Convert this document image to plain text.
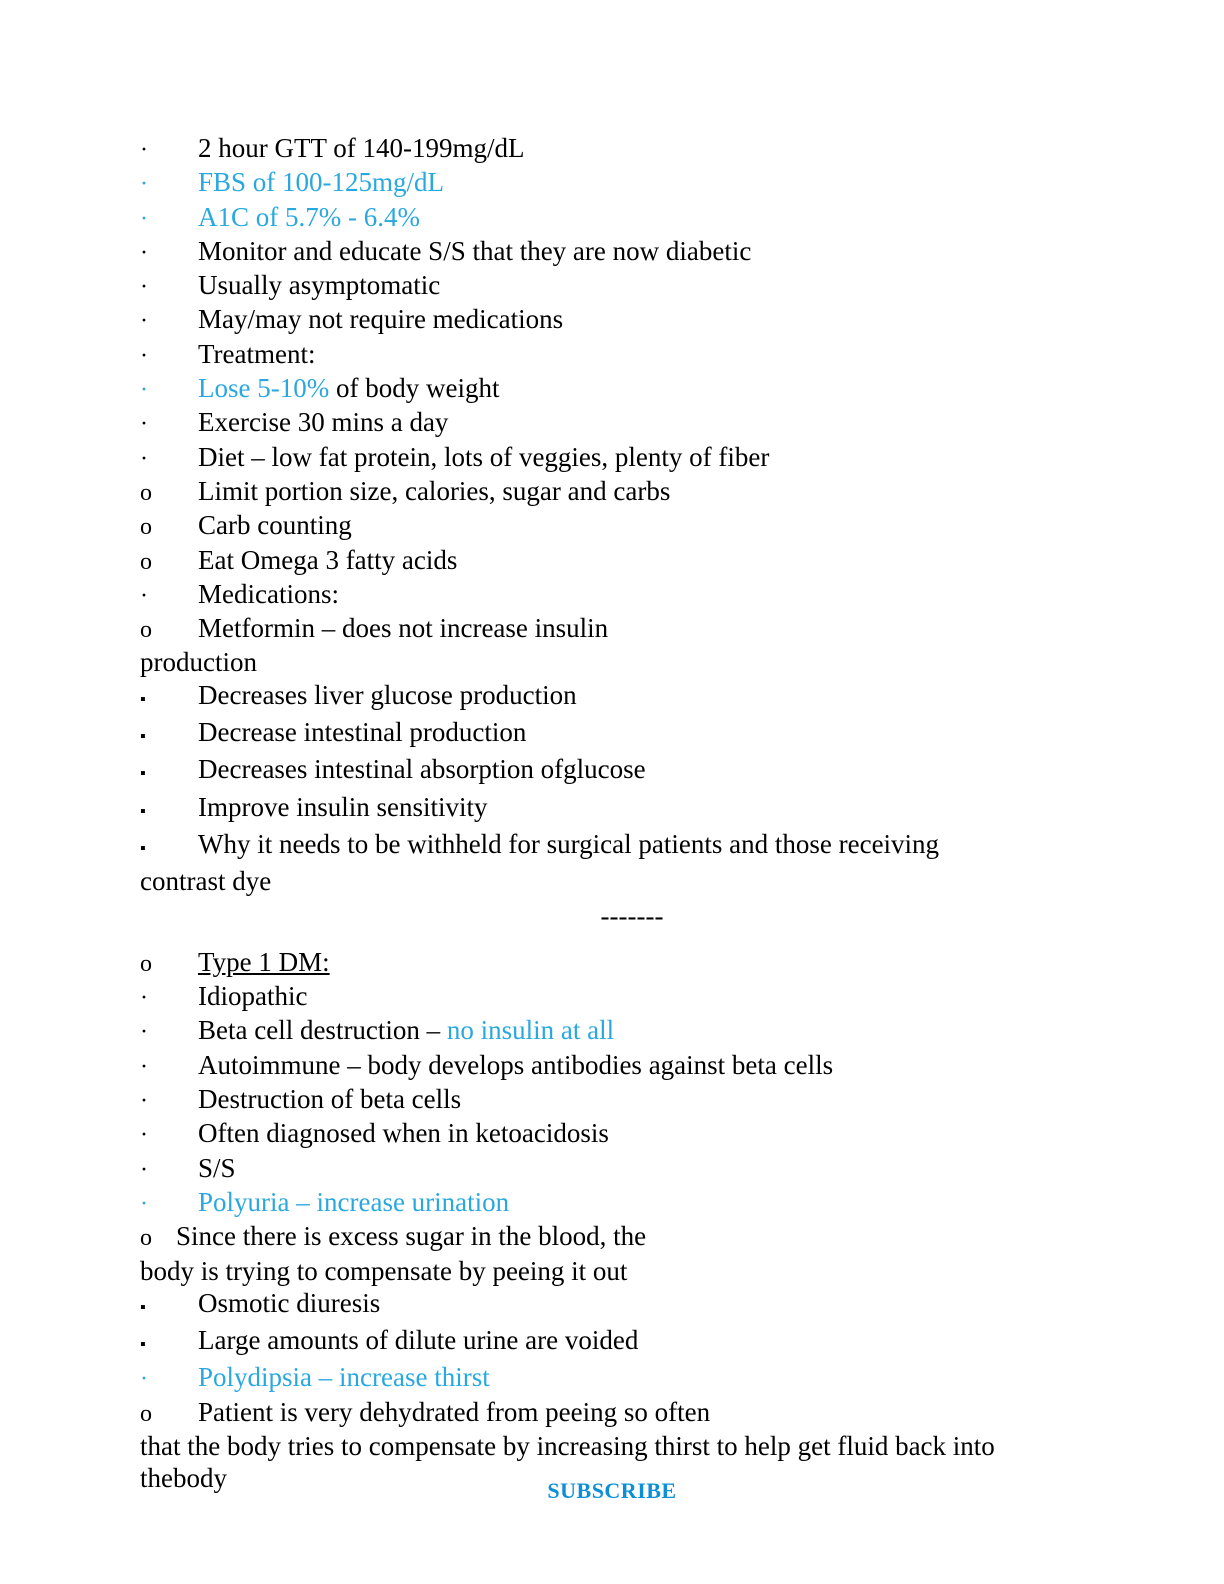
· 2 hour GTT of 140-199mg/dL
· FBS of 100-125mg/dL
· A1C of 5.7% - 6.4%
· Monitor and educate S/S that they are now diabetic
· Usually asymptomatic
· May/may not require medications
· Treatment:
· Lose 5-10% of body weight
· Exercise 30 mins a day
· Diet – low fat protein, lots of veggies, plenty of fiber
o Limit portion size, calories, sugar and carbs
o Carb counting
o Eat Omega 3 fatty acids
· Medications:
o Metformin – does not increase insulin
production
▪ Decreases liver glucose production
▪ Decrease intestinal production
▪ Decreases intestinal absorption ofglucose
▪ Improve insulin sensitivity
▪ Why it needs to be withheld for surgical patients and those receiving
contrast dye
-------
o Type 1 DM:
· Idiopathic
· Beta cell destruction – no insulin at all
· Autoimmune – body develops antibodies against beta cells
· Destruction of beta cells
· Often diagnosed when in ketoacidosis
· S/S
· Polyuria – increase urination
o Since there is excess sugar in the blood, the
body is trying to compensate by peeing it out
▪ Osmotic diuresis
▪ Large amounts of dilute urine are voided
· Polydipsia – increase thirst
o Patient is very dehydrated from peeing so often
that the body tries to compensate by increasing thirst to help get fluid back into
thebody	SUBSCRIBE
